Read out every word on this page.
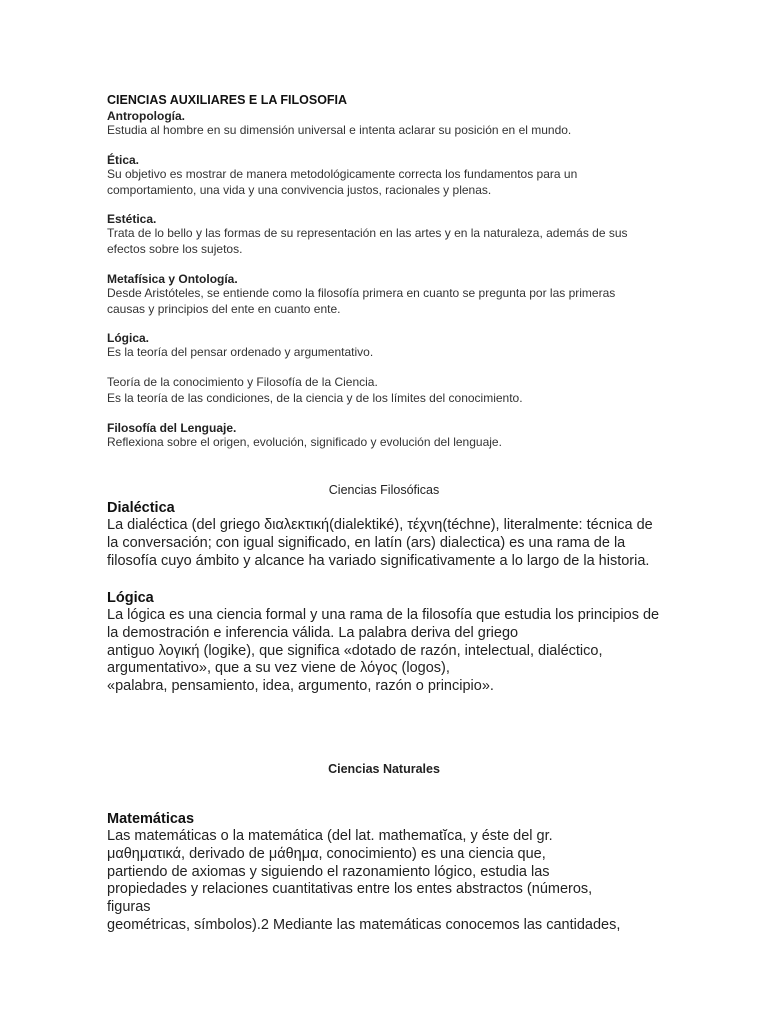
CIENCIAS AUXILIARES E LA FILOSOFIA
Antropología.
Estudia al hombre en su dimensión universal e intenta aclarar su posición en el mundo.
Ética.
Su objetivo es mostrar de manera metodológicamente correcta los fundamentos para un comportamiento, una vida y una convivencia justos, racionales y plenas.
Estética.
Trata de lo bello y las formas de su representación en las artes y en la naturaleza, además de sus efectos sobre los sujetos.
Metafísica y Ontología.
Desde Aristóteles, se entiende como la filosofía primera en cuanto se pregunta por las primeras causas y principios del ente en cuanto ente.
Lógica.
Es la teoría del pensar ordenado y argumentativo.
Teoría de la conocimiento y Filosofía de la Ciencia.
Es la teoría de las condiciones, de la ciencia y de los límites del conocimiento.
Filosofía del Lenguaje.
Reflexiona sobre el origen, evolución, significado y evolución del lenguaje.
Ciencias Filosóficas
Dialéctica
La dialéctica (del griego διαλεκτική(dialektiké), τέχνη(téchne), literalmente: técnica de la conversación; con igual significado, en latín (ars) dialectica) es una rama de la filosofía cuyo ámbito y alcance ha variado significativamente a lo largo de la historia.
Lógica
La lógica es una ciencia formal y una rama de la filosofía que estudia los principios de la demostración e inferencia válida. La palabra deriva del griego
antiguo λογική (logike), que significa «dotado de razón, intelectual, dialéctico, argumentativo», que a su vez viene de λόγος (logos),
«palabra, pensamiento, idea, argumento, razón o principio».
Ciencias Naturales
Matemáticas
Las matemáticas o la matemática (del lat. mathematĭca, y éste del gr. μαθηματικά, derivado de μάθημα, conocimiento) es una ciencia que, partiendo de axiomas y siguiendo el razonamiento lógico, estudia las propiedades y relaciones cuantitativas entre los entes abstractos (números, figuras
geométricas, símbolos).2 Mediante las matemáticas conocemos las cantidades,
